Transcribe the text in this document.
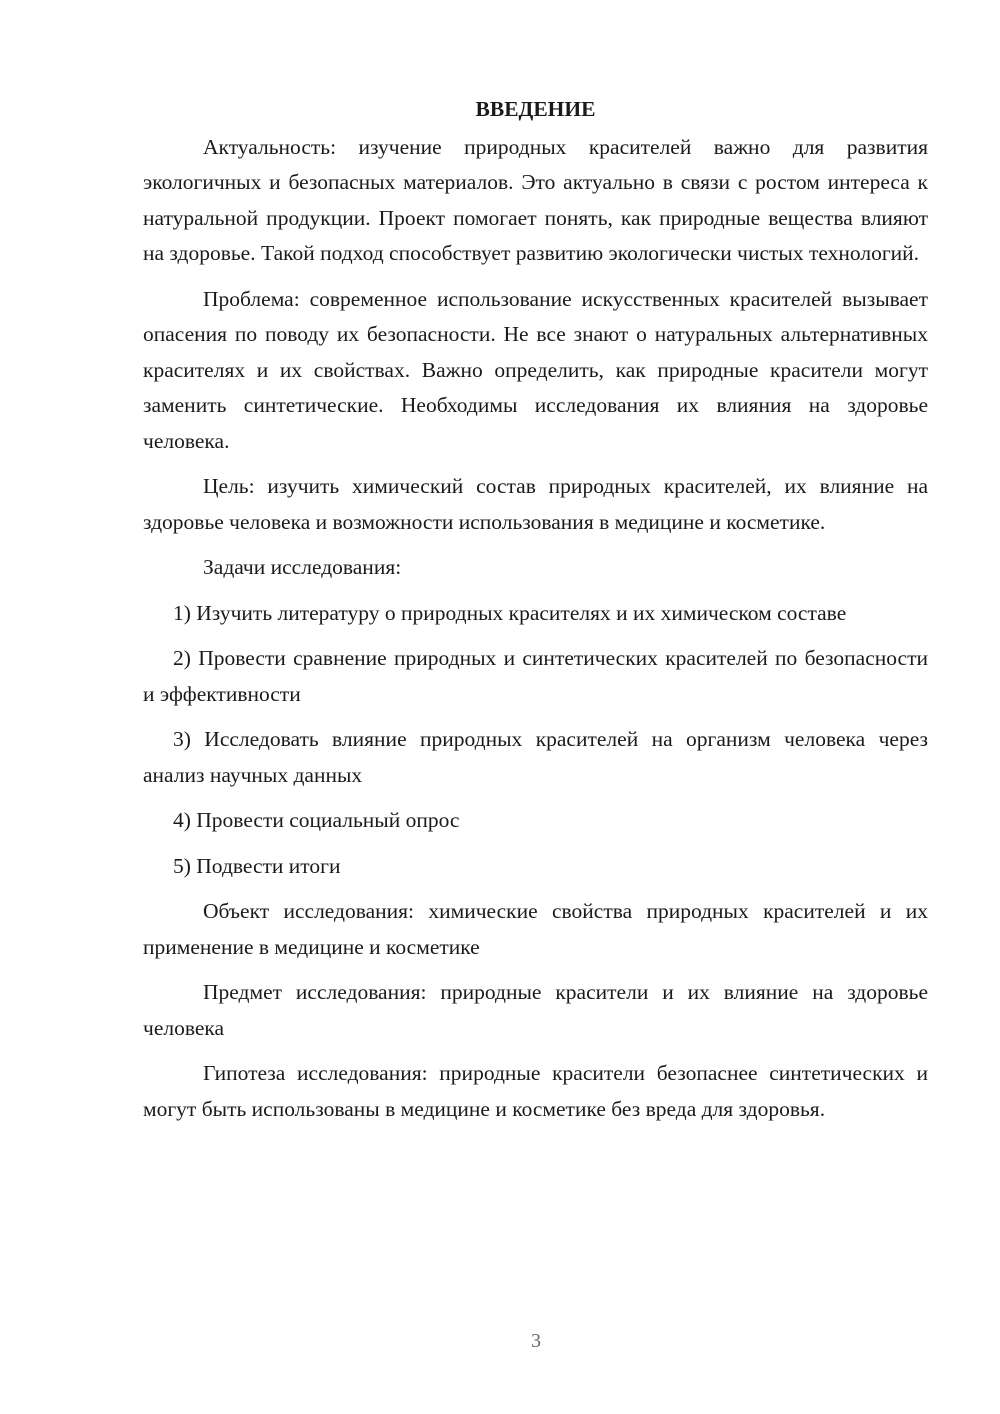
ВВЕДЕНИЕ

Актуальность: изучение природных красителей важно для развития экологичных и безопасных материалов. Это актуально в связи с ростом интереса к натуральной продукции. Проект помогает понять, как природные вещества влияют на здоровье. Такой подход способствует развитию экологически чистых технологий.

Проблема: современное использование искусственных красителей вызывает опасения по поводу их безопасности. Не все знают о натуральных альтернативных красителях и их свойствах. Важно определить, как природные красители могут заменить синтетические. Необходимы исследования их влияния на здоровье человека.

Цель: изучить химический состав природных красителей, их влияние на здоровье человека и возможности использования в медицине и косметике.

Задачи исследования:

1) Изучить литературу о природных красителях и их химическом составе

2) Провести сравнение природных и синтетических красителей по безопасности и эффективности

3) Исследовать влияние природных красителей на организм человека через анализ научных данных

4) Провести социальный опрос

5) Подвести итоги

Объект исследования: химические свойства природных красителей и их применение в медицине и косметике

Предмет исследования: природные красители и их влияние на здоровье человека

Гипотеза исследования: природные красители безопаснее синтетических и могут быть использованы в медицине и косметике без вреда для здоровья.

3
